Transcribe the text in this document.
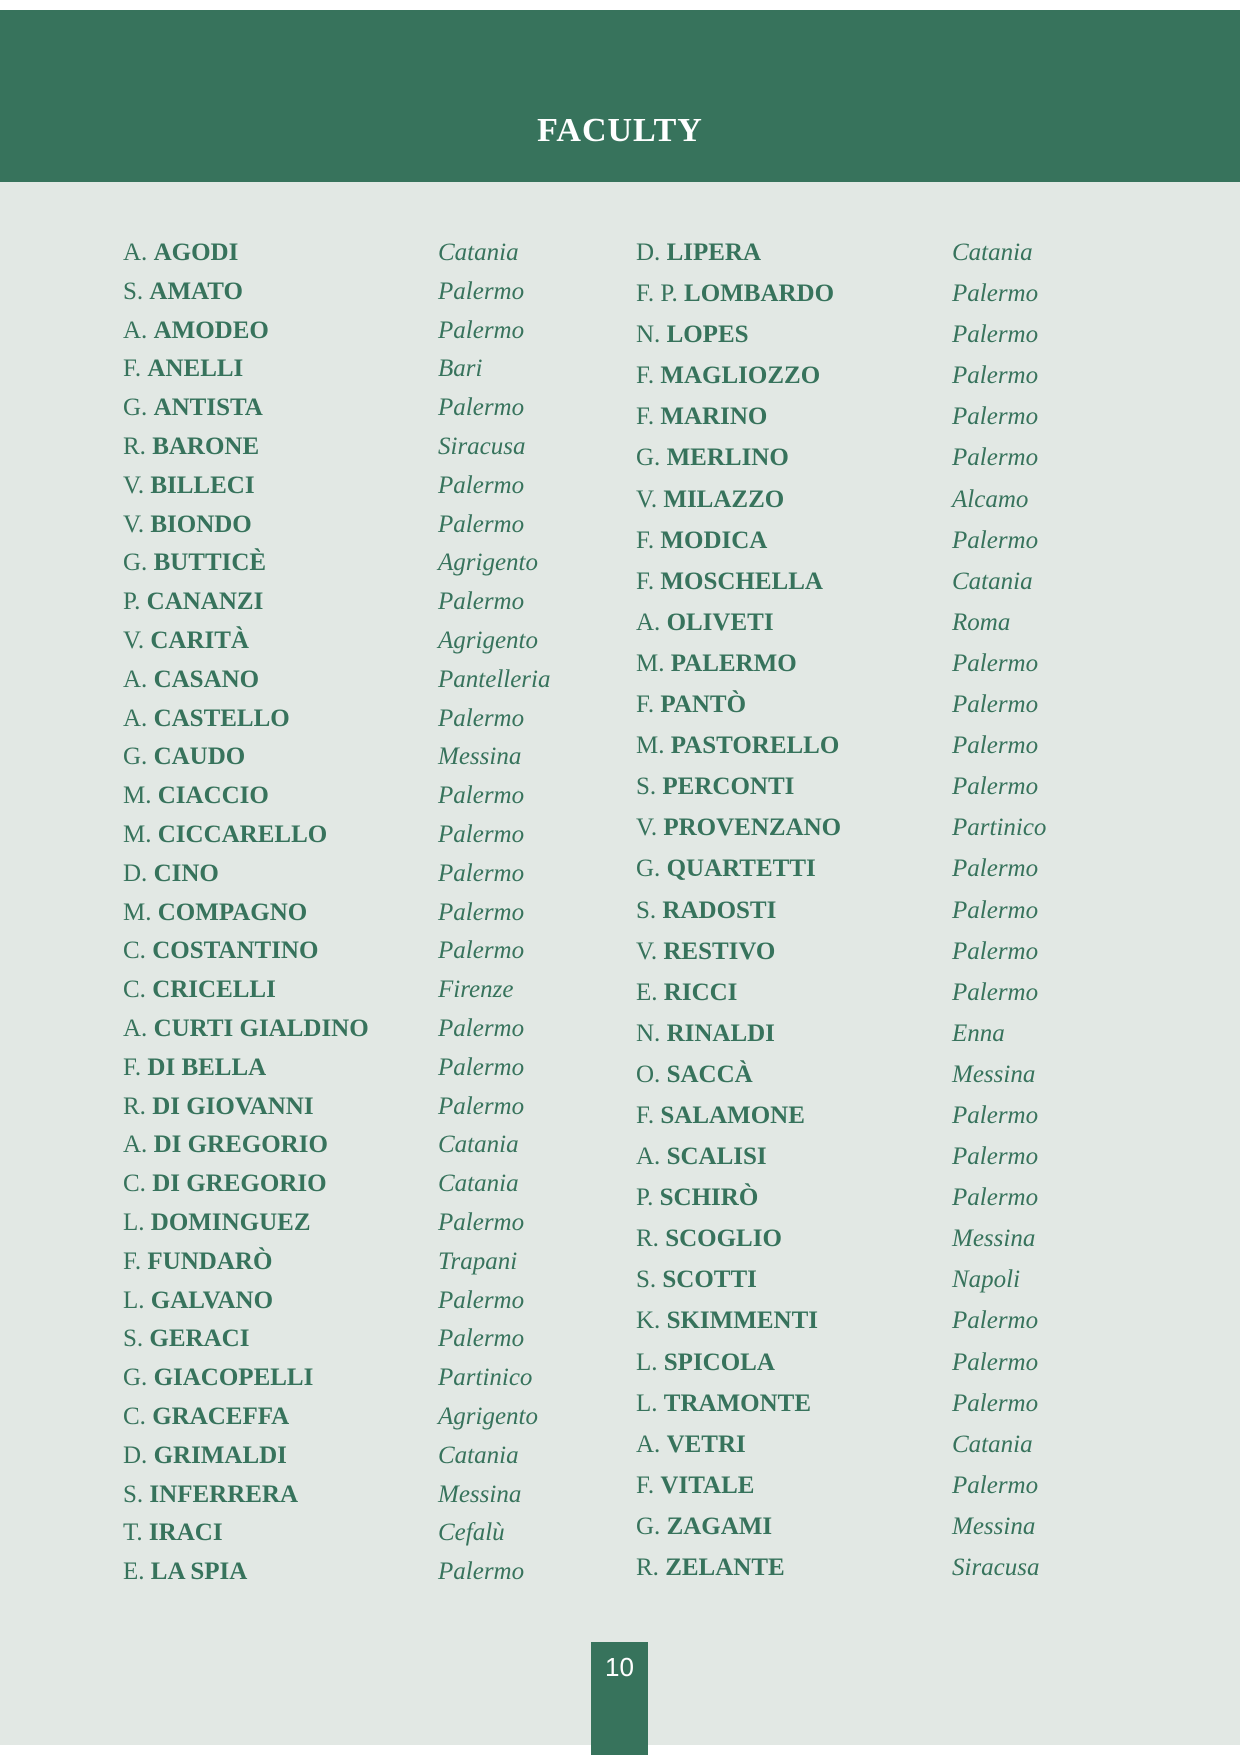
FACULTY
A. AGODI	Catania
S. AMATO	Palermo
A. AMODEO	Palermo
F. ANELLI	Bari
G. ANTISTA	Palermo
R. BARONE	Siracusa
V. BILLECI	Palermo
V. BIONDO	Palermo
G. BUTTICÈ	Agrigento
P. CANANZI	Palermo
V. CARITÀ	Agrigento
A. CASANO	Pantelleria
A. CASTELLO	Palermo
G. CAUDO	Messina
M. CIACCIO	Palermo
M. CICCARELLO	Palermo
D. CINO	Palermo
M. COMPAGNO	Palermo
C. COSTANTINO	Palermo
C. CRICELLI	Firenze
A. CURTI GIALDINO	Palermo
F. DI BELLA	Palermo
R. DI GIOVANNI	Palermo
A. DI GREGORIO	Catania
C. DI GREGORIO	Catania
L. DOMINGUEZ	Palermo
F. FUNDARÒ	Trapani
L. GALVANO	Palermo
S. GERACI	Palermo
G. GIACOPELLI	Partinico
C. GRACEFFA	Agrigento
D. GRIMALDI	Catania
S. INFERRERA	Messina
T. IRACI	Cefalù
E. LA SPIA	Palermo
D. LIPERA	Catania
F. P. LOMBARDO	Palermo
N. LOPES	Palermo
F. MAGLIOZZO	Palermo
F. MARINO	Palermo
G. MERLINO	Palermo
V. MILAZZO	Alcamo
F. MODICA	Palermo
F. MOSCHELLA	Catania
A. OLIVETI	Roma
M. PALERMO	Palermo
F. PANTÒ	Palermo
M. PASTORELLO	Palermo
S. PERCONTI	Palermo
V. PROVENZANO	Partinico
G. QUARTETTI	Palermo
S. RADOSTI	Palermo
V. RESTIVO	Palermo
E. RICCI	Palermo
N. RINALDI	Enna
O. SACCÀ	Messina
F. SALAMONE	Palermo
A. SCALISI	Palermo
P. SCHIRÒ	Palermo
R. SCOGLIO	Messina
S. SCOTTI	Napoli
K. SKIMMENTI	Palermo
L. SPICOLA	Palermo
L. TRAMONTE	Palermo
A. VETRI	Catania
F. VITALE	Palermo
G. ZAGAMI	Messina
R. ZELANTE	Siracusa
10
